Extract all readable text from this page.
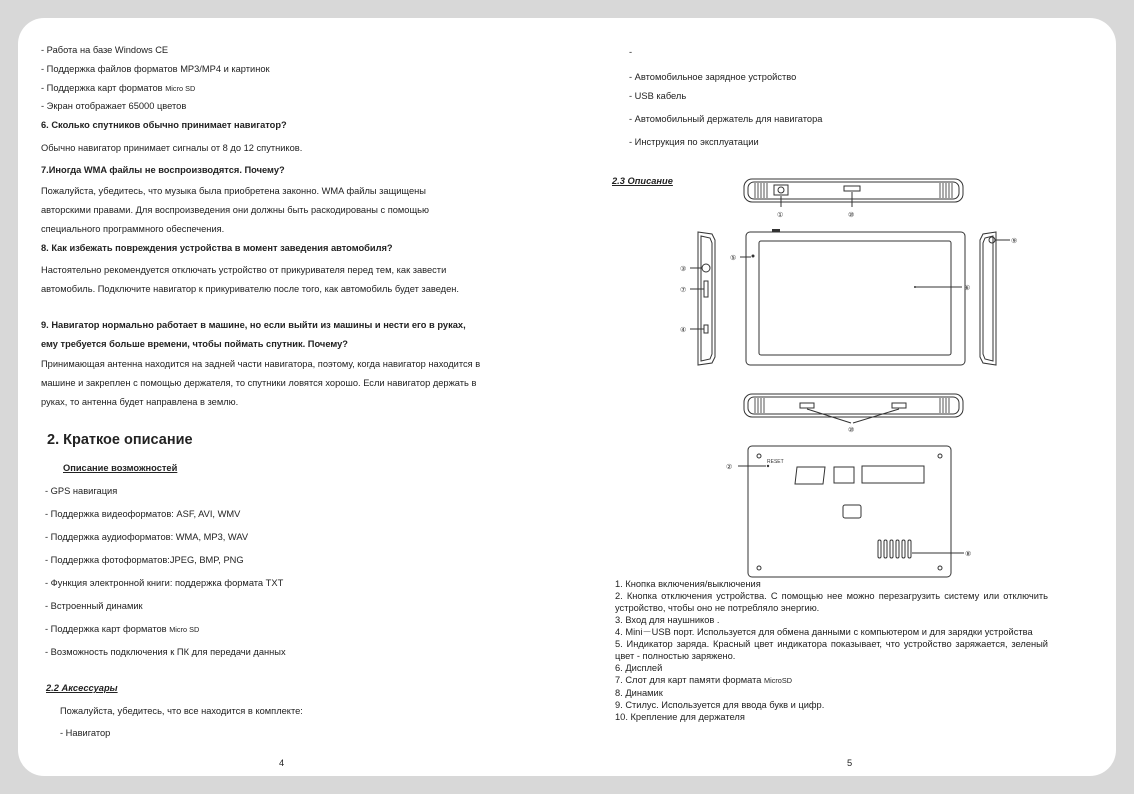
- Работа на базе Windows CE
- Поддержка файлов форматов MP3/MP4 и картинок
- Поддержка карт форматов Micro SD
- Экран отображает 65000 цветов
6. Сколько спутников обычно принимает навигатор?
Обычно навигатор принимает сигналы от 8 до 12 спутников.
7.Иногда WMA файлы не воспроизводятся. Почему?
Пожалуйста, убедитесь, что музыка была приобретена законно. WMA файлы защищены авторскими правами. Для воспроизведения они должны быть раскодированы с помощью специального программного обеспечения.
8. Как избежать повреждения устройства в момент заведения автомобиля?
Настоятельно рекомендуется отключать устройство от прикуривателя перед тем, как завести автомобиль. Подключите навигатор к прикуривателю после того, как автомобиль будет заведен.
9. Навигатор нормально работает в машине, но если выйти из машины и нести его в руках, ему требуется больше времени, чтобы поймать спутник. Почему?
Принимающая антенна находится на задней части навигатора, поэтому, когда навигатор находится в машине и закреплен с помощью держателя, то спутники ловятся хорошо. Если навигатор держать в руках, то антенна будет направлена в землю.
2. Краткое описание
Описание возможностей
- GPS навигация
- Поддержка видеоформатов: ASF, AVI, WMV
- Поддержка аудиоформатов: WMA, MP3, WAV
- Поддержка фотоформатов:JPEG, BMP, PNG
- Функция электронной книги: поддержка формата TXT
- Встроенный динамик
- Поддержка карт форматов Micro SD
- Возможность подключения к ПК для передачи данных
2.2 Аксессуары
Пожалуйста, убедитесь, что все находится в комплекте:
- Навигатор
4
-
- Автомобильное зарядное устройство
- USB кабель
- Автомобильный держатель для навигатора
- Инструкция по эксплуатации
2.3 Описание
①	⑩
③
⑦
④
⑤
⑥
⑨
⑩
RESET
②
⑧
1. Кнопка включения/выключения
2. Кнопка отключения устройства. С помощью нее можно перезагрузить систему или отключить устройство, чтобы оно не потребляло энергию.
3. Вход для наушников .
4. Mini－USB порт. Используется для обмена данными с компьютером и для зарядки устройства
5. Индикатор заряда. Красный цвет индикатора показывает, что устройство заряжается, зеленый цвет - полностью заряжено.
6. Дисплей
7. Слот для карт памяти формата MicroSD
8. Динамик
9. Стилус. Используется для ввода букв и цифр.
10. Крепление для держателя
5
